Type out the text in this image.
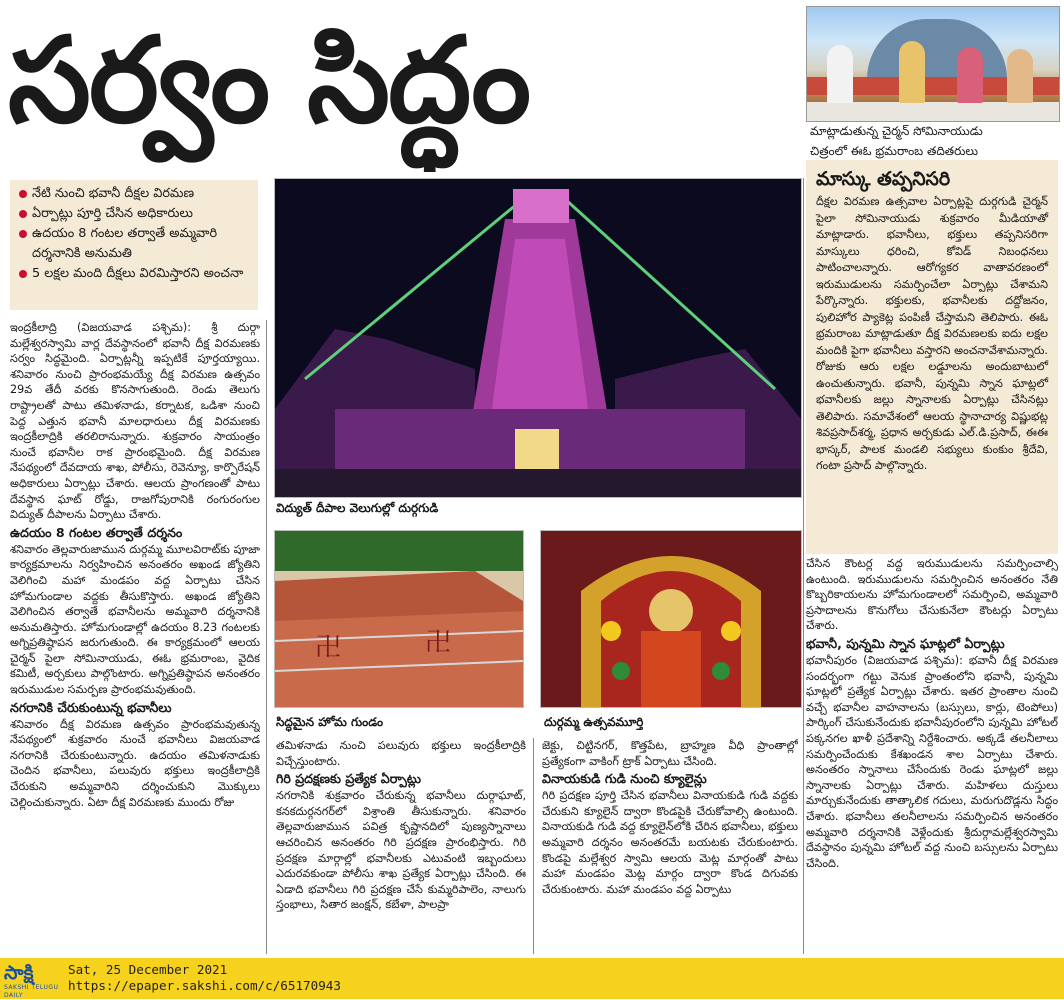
సర్వం సిద్ధం	మాట్లాడుతున్న చైర్మన్‌ సోమినాయుడు
చిత్రంలో ఈఓ భ్రమరాంబ తదితరులు
మాస్కు తప్పనిసరి

దీక్షల విరమణ ఉత్సవాల ఏర్పాట్లపై దుర్గగుడి చైర్మన్‌ పైలా సోమినాయుడు శుక్రవారం మీడియాతో మాట్లాడారు. భవానీలు, భక్తులు తప్పనిసరిగా మాస్కులు ధరించి, కోవిడ్‌ నిబంధనలు పాటించాలన్నారు. ఆరోగ్యకర వాతావరణంలో ఇరుముడులను సమర్పించేలా ఏర్పాట్లు చేశామని పేర్కొన్నారు. భక్తులకు, భవానీలకు దద్దోజనం, పులిహోర ప్యాకెట్ల పంపిణీ చేస్తామని తెలిపారు. ఈఓ భ్రమరాంబ మాట్లాడుతూ దీక్ష విరమణలకు ఐదు లక్షల మందికి పైగా భవానీలు వస్తారని అంచనావేశామన్నారు. రోజుకు ఆరు లక్షల లడ్డూలను అందుబాటులో ఉంచుతున్నారు. భవానీ, పున్నమి స్నాన ఘాట్లలో భవానీలకు జల్లు స్నానాలకు ఏర్పాట్లు చేసినట్లు తెలిపారు. సమావేశంలో ఆలయ స్థానాచార్య విష్ణుభట్ల శివప్రసాద్‌శర్మ, ప్రధాన అర్చకుడు ఎల్‌.డి.ప్రసాద్‌, ఈఈ భాస్కర్‌, పాలక మండలి సభ్యులు కుంకుం శ్రీదేవి, గంటా ప్రసాద్‌ పాల్గొన్నారు.

నేటి నుంచి భవానీ దీక్షల విరమణ
ఏర్పాట్లు పూర్తి చేసిన అధికారులు
ఉదయం 8 గంటల తర్వాతే అమ్మవారి దర్శనానికి అనుమతి
5 లక్షల మంది దీక్షలు విరమిస్తారని అంచనా
విద్యుత్‌ దీపాల వెలుగుల్లో దుర్గగుడి
卍	卍
సిద్ధమైన హోమ గుండం	దుర్గమ్మ ఉత్సవమూర్తి

ఇంద్రకీలాద్రి (విజయవాడ పశ్చిమ): శ్రీ దుర్గా మల్లేశ్వరస్వామి వార్ల దేవస్థానంలో భవానీ దీక్ష విరమణకు సర్వం సిద్ధమైంది. ఏర్పాట్లన్నీ ఇప్పటికే పూర్తయ్యాయి. శనివారం నుంచి ప్రారంభమయ్యే దీక్ష విరమణ ఉత్సవం 29వ తేదీ వరకు కొనసాగుతుంది. రెండు తెలుగు రాష్ట్రాలతో పాటు తమిళనాడు, కర్నాటక, ఒడిశా నుంచి పెద్ద ఎత్తున భవానీ మాలధారులు దీక్ష విరమణకు ఇంద్రకీలాద్రికి తరలిరానున్నారు. శుక్రవారం సాయంత్రం నుంచే భవానీల రాక ప్రారంభమైంది. దీక్ష విరమణ నేపథ్యంలో దేవదాయ శాఖ, పోలీసు, రెవెన్యూ, కార్పొరేషన్‌ అధికారులు ఏర్పాట్లు చేశారు. ఆలయ ప్రాంగణంతో పాటు దేవస్థాన ఘాట్‌ రోడ్డు, రాజగోపురానికి రంగురంగుల విద్యుత్‌ దీపాలను ఏర్పాటు చేశారు.

ఉదయం 8 గంటల తర్వాతే దర్శనం

శనివారం తెల్లవారుజామున దుర్గమ్మ మూలవిరాట్‌కు పూజా కార్యక్రమాలను నిర్వహించిన అనంతరం అఖండ జ్యోతిని వెలిగించి మహా మండపం వద్ద ఏర్పాటు చేసిన హోమగుండాల వద్దకు తీసుకొస్తారు. అఖండ జ్యోతిని వెలిగించిన తర్వాతే భవానీలను అమ్మవారి దర్శనానికి అనుమతిస్తారు. హోమగుండాల్లో ఉదయం 8.23 గంటలకు అగ్నిప్రతిష్ఠాపన జరుగుతుంది. ఈ కార్యక్రమంలో ఆలయ చైర్మన్‌ పైలా సోమినాయుడు, ఈఓ భ్రమరాంబ, వైదిక కమిటీ, అర్చకులు పాల్గొంటారు. అగ్నిప్రతిష్ఠాపన అనంతరం ఇరుముడుల సమర్పణ ప్రారంభమవుతుంది.

నగరానికి చేరుకుంటున్న భవానీలు

శనివారం దీక్ష విరమణ ఉత్సవం ప్రారంభమవుతున్న నేపథ్యంలో శుక్రవారం నుంచే భవానీలు విజయవాడ నగరానికి చేరుకుంటున్నారు. ఉదయం తమిళనాడుకు చెందిన భవానీలు, పలువురు భక్తులు ఇంద్రకీలాద్రికి చేరుకుని అమ్మవారిని దర్శించుకుని మొక్కులు చెల్లించుకున్నారు. ఏటా దీక్ష విరమణకు ముందు రోజు

తమిళనాడు నుంచి పలువురు భక్తులు ఇంద్రకీలాద్రికి విచ్చేస్తుంటారు.

గిరి ప్రదక్షణకు ప్రత్యేక ఏర్పాట్లు

నగరానికి శుక్రవారం చేరుకున్న భవానీలు దుర్గాఘాట్‌, కనకదుర్గనగర్‌లో విశ్రాంతి తీసుకున్నారు. శనివారం తెల్లవారుజామున పవిత్ర కృష్ణానదిలో పుణ్యస్నానాలు ఆచరించిన అనంతరం గిరి ప్రదక్షణ ప్రారంభిస్తారు. గిరి ప్రదక్షణ మార్గాల్లో భవానీలకు ఎటువంటి ఇబ్బందులు ఎదురవకుండా పోలీసు శాఖ ప్రత్యేక ఏర్పాట్లు చేసింది. ఈ ఏడాది భవానీలు గిరి ప్రదక్షణ చేసే కుమ్మరిపాలెం, నాలుగు స్తంభాలు, సితార జంక్షన్‌, కబేళా, పాలప్రా

జెక్టు, చిట్టినగర్‌, కొత్తపేట, బ్రాహ్మణ వీధి ప్రాంతాల్లో ప్రత్యేకంగా వాకింగ్‌ ట్రాక్‌ ఏర్పాటు చేసింది.

వినాయకుడి గుడి నుంచి క్యూలైన్లు

గిరి ప్రదక్షణ పూర్తి చేసిన భవానీలు వినాయకుడి గుడి వద్దకు చేరుకుని క్యూలైన్‌ ద్వారా కొండపైకి చేరుకోవాల్సి ఉంటుంది. వినాయకుడి గుడి వద్ద క్యూలైన్‌లోకి చేరిన భవానీలు, భక్తులు అమ్మవారి దర్శనం అనంతరమే బయటకు చేరుకుంటారు. కొండపై మల్లేశ్వర స్వామి ఆలయ మెట్ల మార్గంతో పాటు మహా మండపం మెట్ల మార్గం ద్వారా కొండ దిగువకు చేరుకుంటారు. మహా మండపం వద్ద ఏర్పాటు

చేసిన కౌంటర్ల వద్ద ఇరుముడులను సమర్పించాల్సి ఉంటుంది. ఇరుముడులను సమర్పించిన అనంతరం నేతి కొబ్బరికాయలను హోమగుండాలలో సమర్పించి, అమ్మవారి ప్రసాదాలను కొనుగోలు చేసుకునేలా కౌంటర్లు ఏర్పాటు చేశారు.

భవానీ, పున్నమి స్నాన ఘాట్లలో ఏర్పాట్లు

భవానీపురం (విజయవాడ పశ్చిమ): భవానీ దీక్ష విరమణ సందర్భంగా గట్టు వెనుక ప్రాంతంలోని భవానీ, పున్నమి ఘాట్లలో ప్రత్యేక ఏర్పాట్లు చేశారు. ఇతర ప్రాంతాల నుంచి వచ్చే భవానీల వాహనాలను (బస్సులు, కార్లు, టెంపోలు) పార్కింగ్‌ చేసుకునేందుకు భవానీపురంలోని పున్నమి హోటల్‌ పక్కనగల ఖాళీ ప్రదేశాన్ని నిర్దేశించారు. అక్కడే తలనీలాలు సమర్పించేందుకు కేశఖండన శాల ఏర్పాటు చేశారు. అనంతరం స్నానాలు చేసేందుకు రెండు ఘాట్లలో జల్లు స్నానాలకు ఏర్పాట్లు చేశారు. మహిళలు దుస్తులు మార్చుకునేందుకు తాత్కాలిక గదులు, మరుగుదొడ్లను సిద్ధం చేశారు. భవానీలు తలనీలాలను సమర్పించిన అనంతరం అమ్మవారి దర్శనానికి వెళ్లేందుకు శ్రీదుర్గామల్లేశ్వరస్వామి దేవస్థానం పున్నమి హోటల్‌ వద్ద నుంచి బస్సులను ఏర్పాటు చేసింది.

సాక్షి
SAKSHI TELUGU DAILY
Sat, 25 December 2021
https://epaper.sakshi.com/c/65170943
